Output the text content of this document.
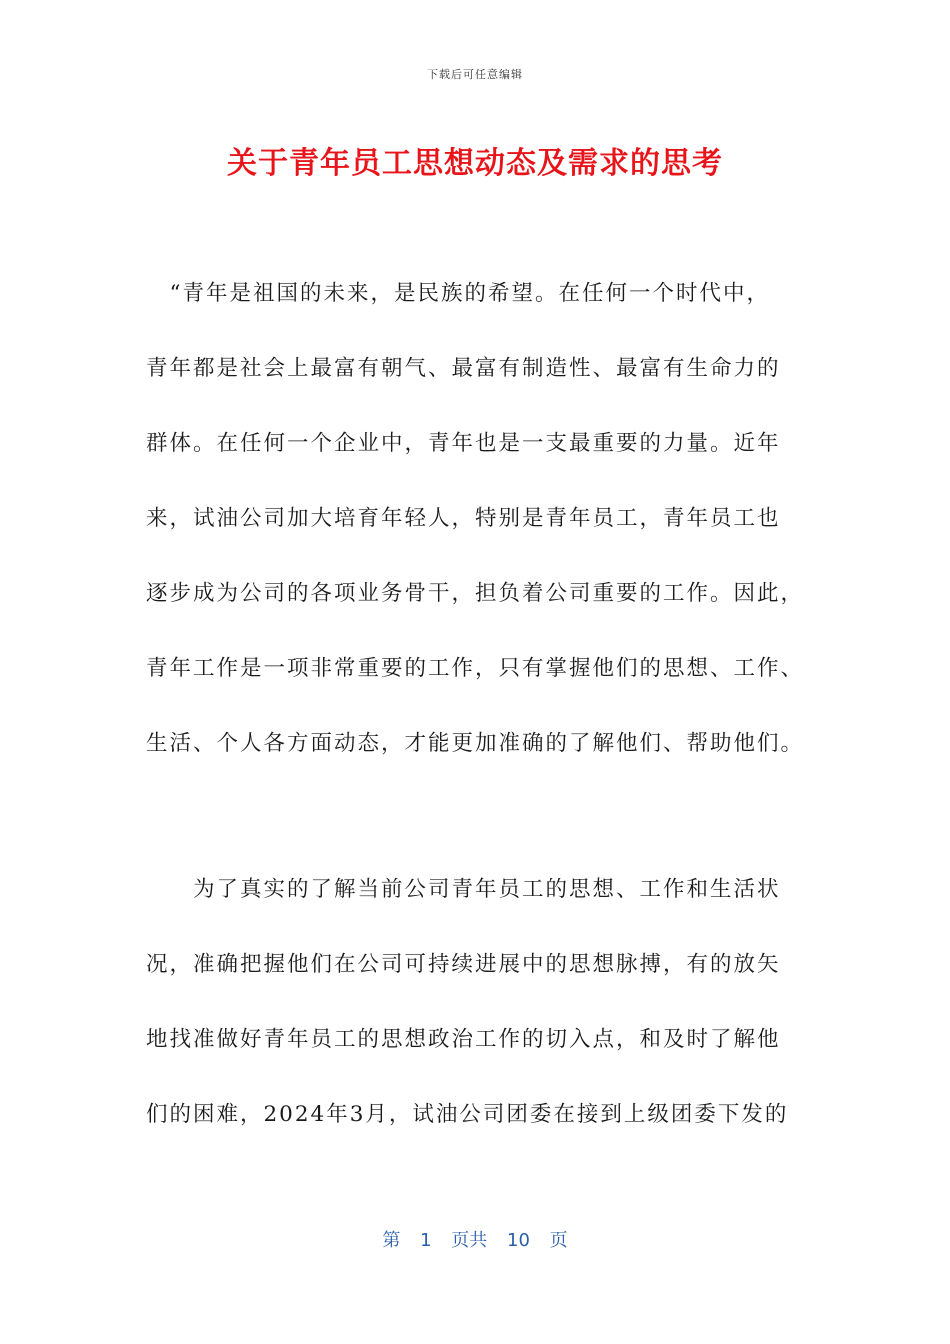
下载后可任意编辑
关于青年员工思想动态及需求的思考
　“青年是祖国的未来，是民族的希望。在任何一个时代中，
青年都是社会上最富有朝气、最富有制造性、最富有生命力的
群体。在任何一个企业中，青年也是一支最重要的力量。近年
来，试油公司加大培育年轻人，特别是青年员工，青年员工也
逐步成为公司的各项业务骨干，担负着公司重要的工作。因此，
青年工作是一项非常重要的工作，只有掌握他们的思想、工作、
生活、个人各方面动态，才能更加准确的了解他们、帮助他们。
　　为了真实的了解当前公司青年员工的思想、工作和生活状
况，准确把握他们在公司可持续进展中的思想脉搏，有的放矢
地找准做好青年员工的思想政治工作的切入点，和及时了解他
们的困难，2024年3月，试油公司团委在接到上级团委下发的
第 1 页共 10 页
